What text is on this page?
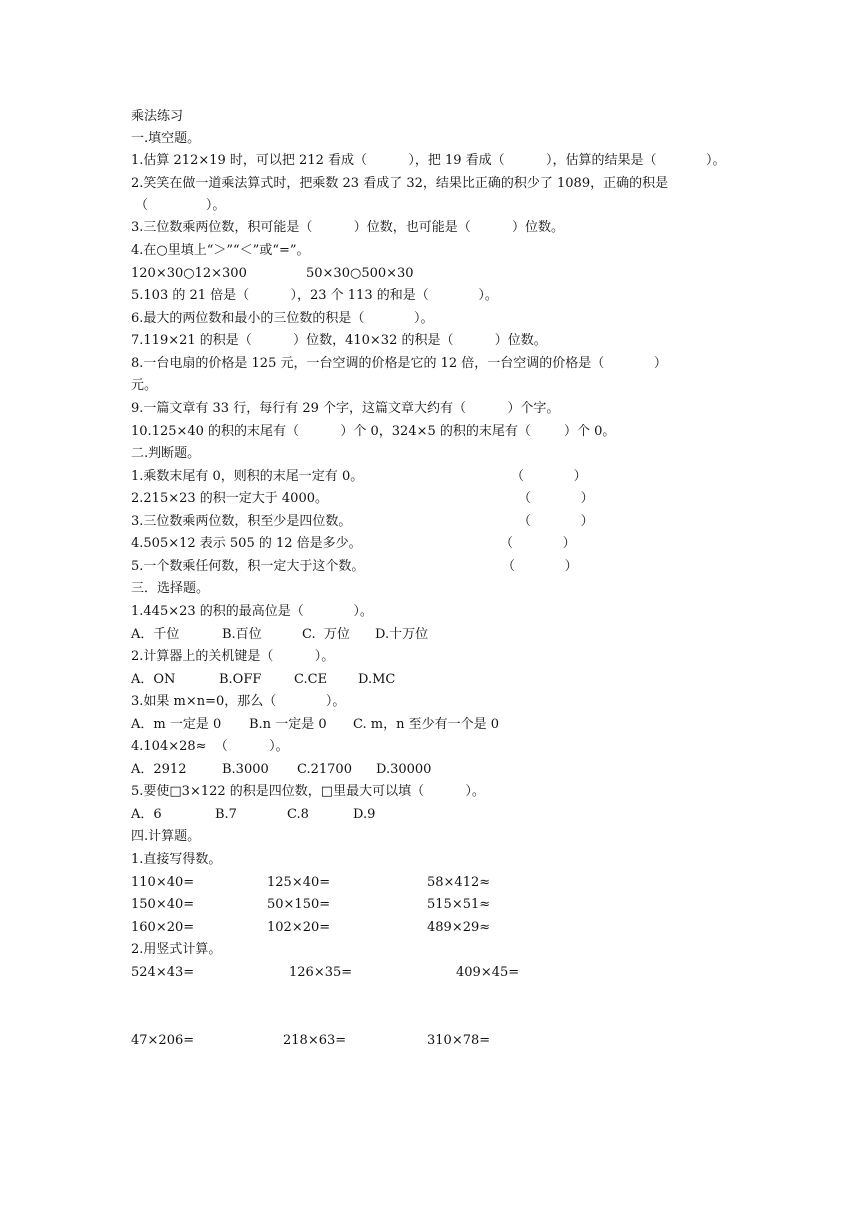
乘法练习
一.填空题。
1.估算 212×19 时，可以把 212 看成（          ），把 19 看成（          ），估算的结果是（            ）。
2.笑笑在做一道乘法算式时，把乘数 23 看成了 32，结果比正确的积少了 1089，正确的积是
（              ）。
3.三位数乘两位数，积可能是（          ）位数，也可能是（          ）位数。
4.在○里填上“＞”“＜”或“=”。
120×30○12×300	50×30○500×30
5.103 的 21 倍是（          ），23 个 113 的和是（            ）。
6.最大的两位数和最小的三位数的积是（            ）。
7.119×21 的积是（          ）位数，410×32 的积是（          ）位数。
8.一台电扇的价格是 125 元，一台空调的价格是它的 12 倍，一台空调的价格是（            ）
元。
9.一篇文章有 33 行，每行有 29 个字，这篇文章大约有（          ）个字。
10.125×40 的积的末尾有（          ）个 0，324×5 的积的末尾有（        ）个 0。
二.判断题。
1.乘数末尾有 0，则积的末尾一定有 0。	（            ）
2.215×23 的积一定大于 4000。	（            ）
3.三位数乘两位数，积至少是四位数。	（            ）
4.505×12 表示 505 的 12 倍是多少。	（            ）
5.一个数乘任何数，积一定大于这个数。	（            ）
三．选择题。
1.445×23 的积的最高位是（            ）。
A．千位	B.百位	C.  万位 D.十万位
2.计算器上的关机键是（          ）。
A．ON	B.OFF	C.CE D.MC
3.如果 m×n=0，那么（            ）。
A．m 一定是 0 B.n 一定是 0 C. m，n 至少有一个是 0
4.104×28≈  （          ）。
A．2912	B.3000 C.21700 D.30000
5.要使□3×122 的积是四位数，□里最大可以填（          ）。
A．6	B.7	C.8	D.9
四.计算题。
1.直接写得数。
110×40=	125×40=	58×412≈
150×40=	50×150=	515×51≈
160×20=	102×20=	489×29≈
2.用竖式计算。
524×43=	126×35=	409×45=
47×206=	218×63=	310×78=
